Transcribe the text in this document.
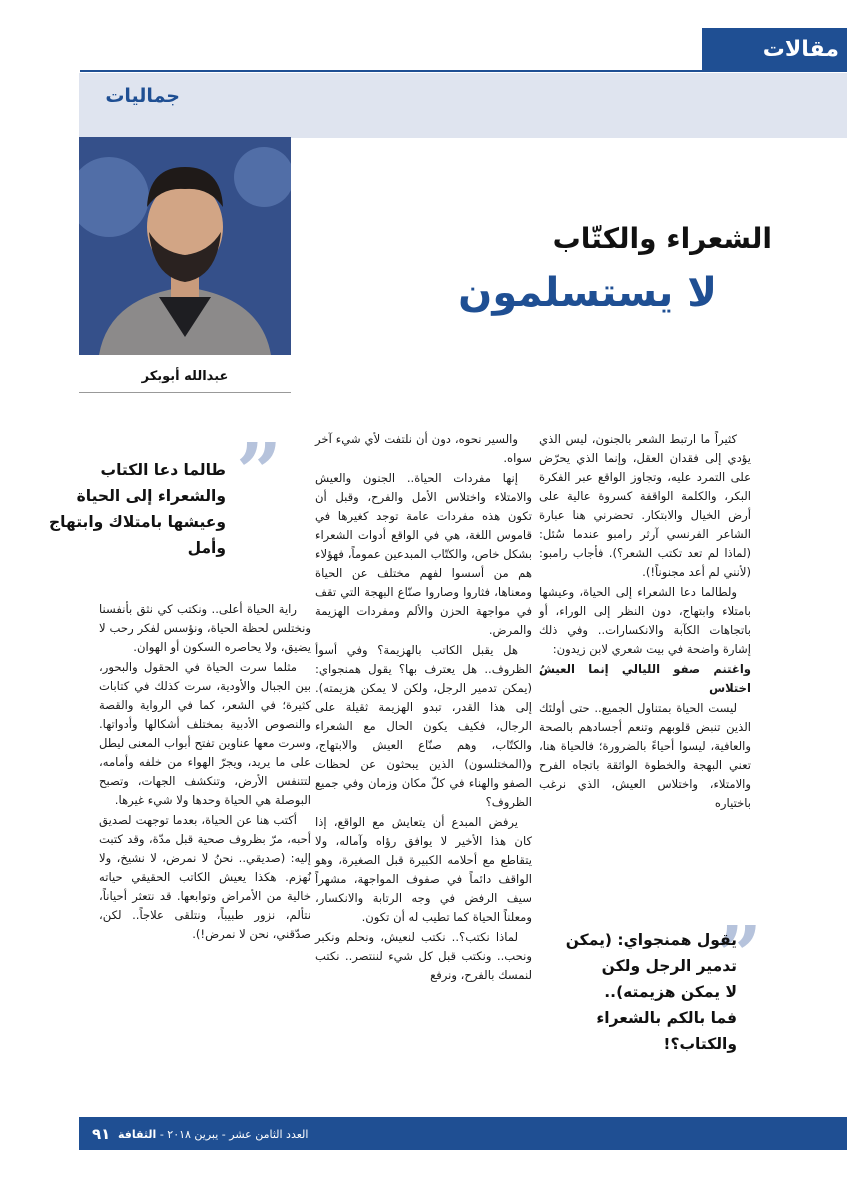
مقالات
جماليات
عبدالله أبوبكر
الشعراء والكتّاب
لا يستسلمون
”
طالما دعا الكتاب
والشعراء إلى الحياة
وعيشها بامتلاك وابتهاج
وأمل
”
يقول همنجواي: (يمكن
تدمير الرجل ولكن
لا يمكن هزيمته)..
فما بالكم بالشعراء
والكتاب؟!

كثيراً ما ارتبط الشعر بالجنون، ليس الذي يؤدي إلى فقدان العقل، وإنما الذي يحرّض على التمرد عليه، وتجاوز الواقع عبر الفكرة البكر، والكلمة الواقفة كسروة عالية على أرض الخيال والابتكار. تحضرني هنا عبارة الشاعر الفرنسي آرثر رامبو عندما سُئل: (لماذا لم تعد تكتب الشعر؟). فأجاب رامبو: (لأنني لم أعد مجنوناً!).

ولطالما دعا الشعراء إلى الحياة، وعيشها بامتلاء وابتهاج، دون النظر إلى الوراء، أو باتجاهات الكآبة والانكسارات.. وفي ذلك إشارة واضحة في بيت شعري لابن زيدون:

واغتنم صفو الليالي إنما العيشُ اختلاس

ليست الحياة بمتناول الجميع.. حتى أولئك الذين تنبض قلوبهم وتنعم أجسادهم بالصحة والعافية، ليسوا أحياءً بالضرورة؛ فالحياة هنا، تعني البهجة والخطوة الواثقة باتجاه الفرح والامتلاء، واختلاس العيش، الذي نرغب باختياره

والسير نحوه، دون أن نلتفت لأي شيء آخر سواه.

إنها مفردات الحياة.. الجنون والعيش والامتلاء واختلاس الأمل والفرح، وقبل أن تكون هذه مفردات عامة توجد كغيرها في قاموس اللغة، هي في الواقع أدوات الشعراء بشكل خاص، والكتّاب المبدعين عموماً، فهؤلاء هم من أسسوا لفهم مختلف عن الحياة ومعناها، فثاروا وصاروا صنّاع البهجة التي تقف في مواجهة الحزن والألم ومفردات الهزيمة والمرض.

هل يقبل الكاتب بالهزيمة؟ وفي أسوأ الظروف.. هل يعترف بها؟ يقول همنجواي: (يمكن تدمير الرجل، ولكن لا يمكن هزيمته). إلى هذا القدر، تبدو الهزيمة ثقيلة على الرجال، فكيف يكون الحال مع الشعراء والكتّاب، وهم صنّاع العيش والابتهاج، و(المختلسون) الذين يبحثون عن لحظات الصفو والهناء في كلّ مكان وزمان وفي جميع الظروف؟

يرفض المبدع أن يتعايش مع الواقع، إذا كان هذا الأخير لا يوافق رؤاه وآماله، ولا يتقاطع مع أحلامه الكبيرة قبل الصغيرة، وهو الواقف دائماً في صفوف المواجهة، مشهراً سيف الرفض في وجه الرتابة والانكسار، ومعلناً الحياة كما تطيب له أن تكون.

لماذا نكتب؟.. نكتب لنعيش، ونحلم ونكبر ونحب.. ونكتب قبل كل شيء لننتصر.. نكتب لنمسك بالفرح، ونرفع

راية الحياة أعلى.. ونكتب كي نثق بأنفسنا ونختلس لحظة الحياة، ونؤسس لفكر رحب لا يضيق، ولا يحاصره السكون أو الهوان.

مثلما سرت الحياة في الحقول والبحور، بين الجبال والأودية، سرت كذلك في كتابات كثيرة؛ في الشعر، كما في الرواية والقصة والنصوص الأدبية بمختلف أشكالها وأدواتها. وسرت معها عناوين تفتح أبواب المعنى ليطل على ما يريد، ويجرّ الهواء من خلفه وأمامه، لتتنفس الأرض، وتنكشف الجهات، وتصبح البوصلة هي الحياة وحدها ولا شيء غيرها.

أكتب هنا عن الحياة، بعدما توجهت لصديق أحبه، مرّ بظروف صحية قبل مدّة، وقد كتبت إليه: (صديقي.. نحنُ لا نمرض، لا نشيخ، ولا نُهزم. هكذا يعيش الكاتب الحقيقي حياته خالية من الأمراض وتوابعها. قد نتعثر أحياناً، نتألم، نزور طبيباً، ونتلقى علاجاً.. لكن، صدّقني، نحن لا نمرض!).

٩١	العدد الثامن عشر - يبرين ٢٠١٨ - الثقافة
